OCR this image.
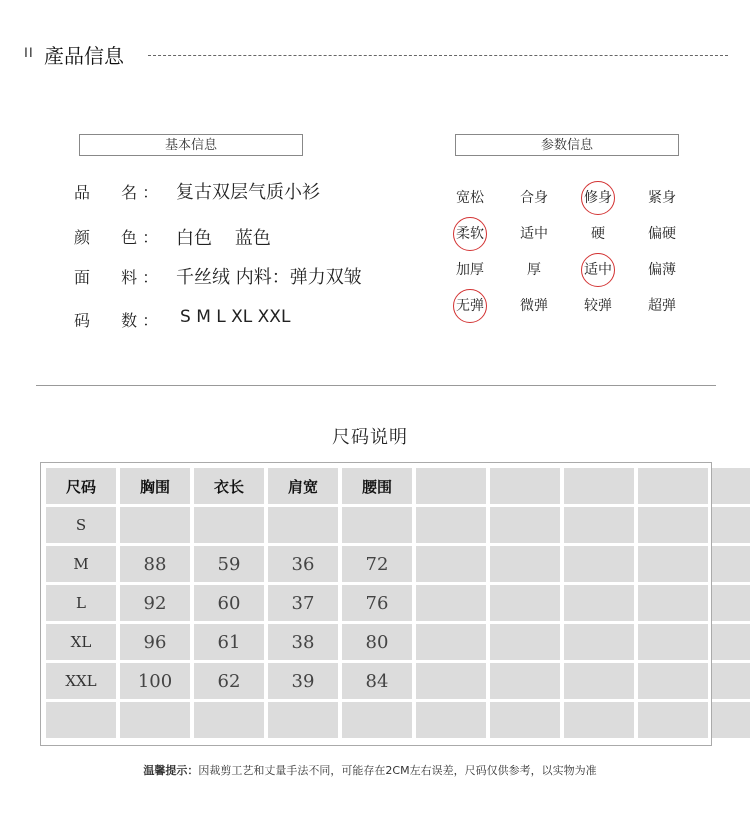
II 產品信息
基本信息
品 名 ： 复古双层气质小衫
颜 色 ： 白色    蓝色
面 料 ： 千丝绒 内料：弹力双皱
码 数 ： S M L XL XXL
参数信息
宽松	合身	修身	紧身
柔软	适中	硬	偏硬
加厚	厚	适中	偏薄
无弹	微弹	较弹	超弹
尺码说明
尺码	胸围	衣长	肩宽	腰围
S
M	88	59	36	72
L	92	60	37	76
XL	96	61	38	80
XXL 100	62	39	84
温馨提示：因裁剪工艺和丈量手法不同，可能存在2CM左右误差，尺码仅供参考，以实物为准
